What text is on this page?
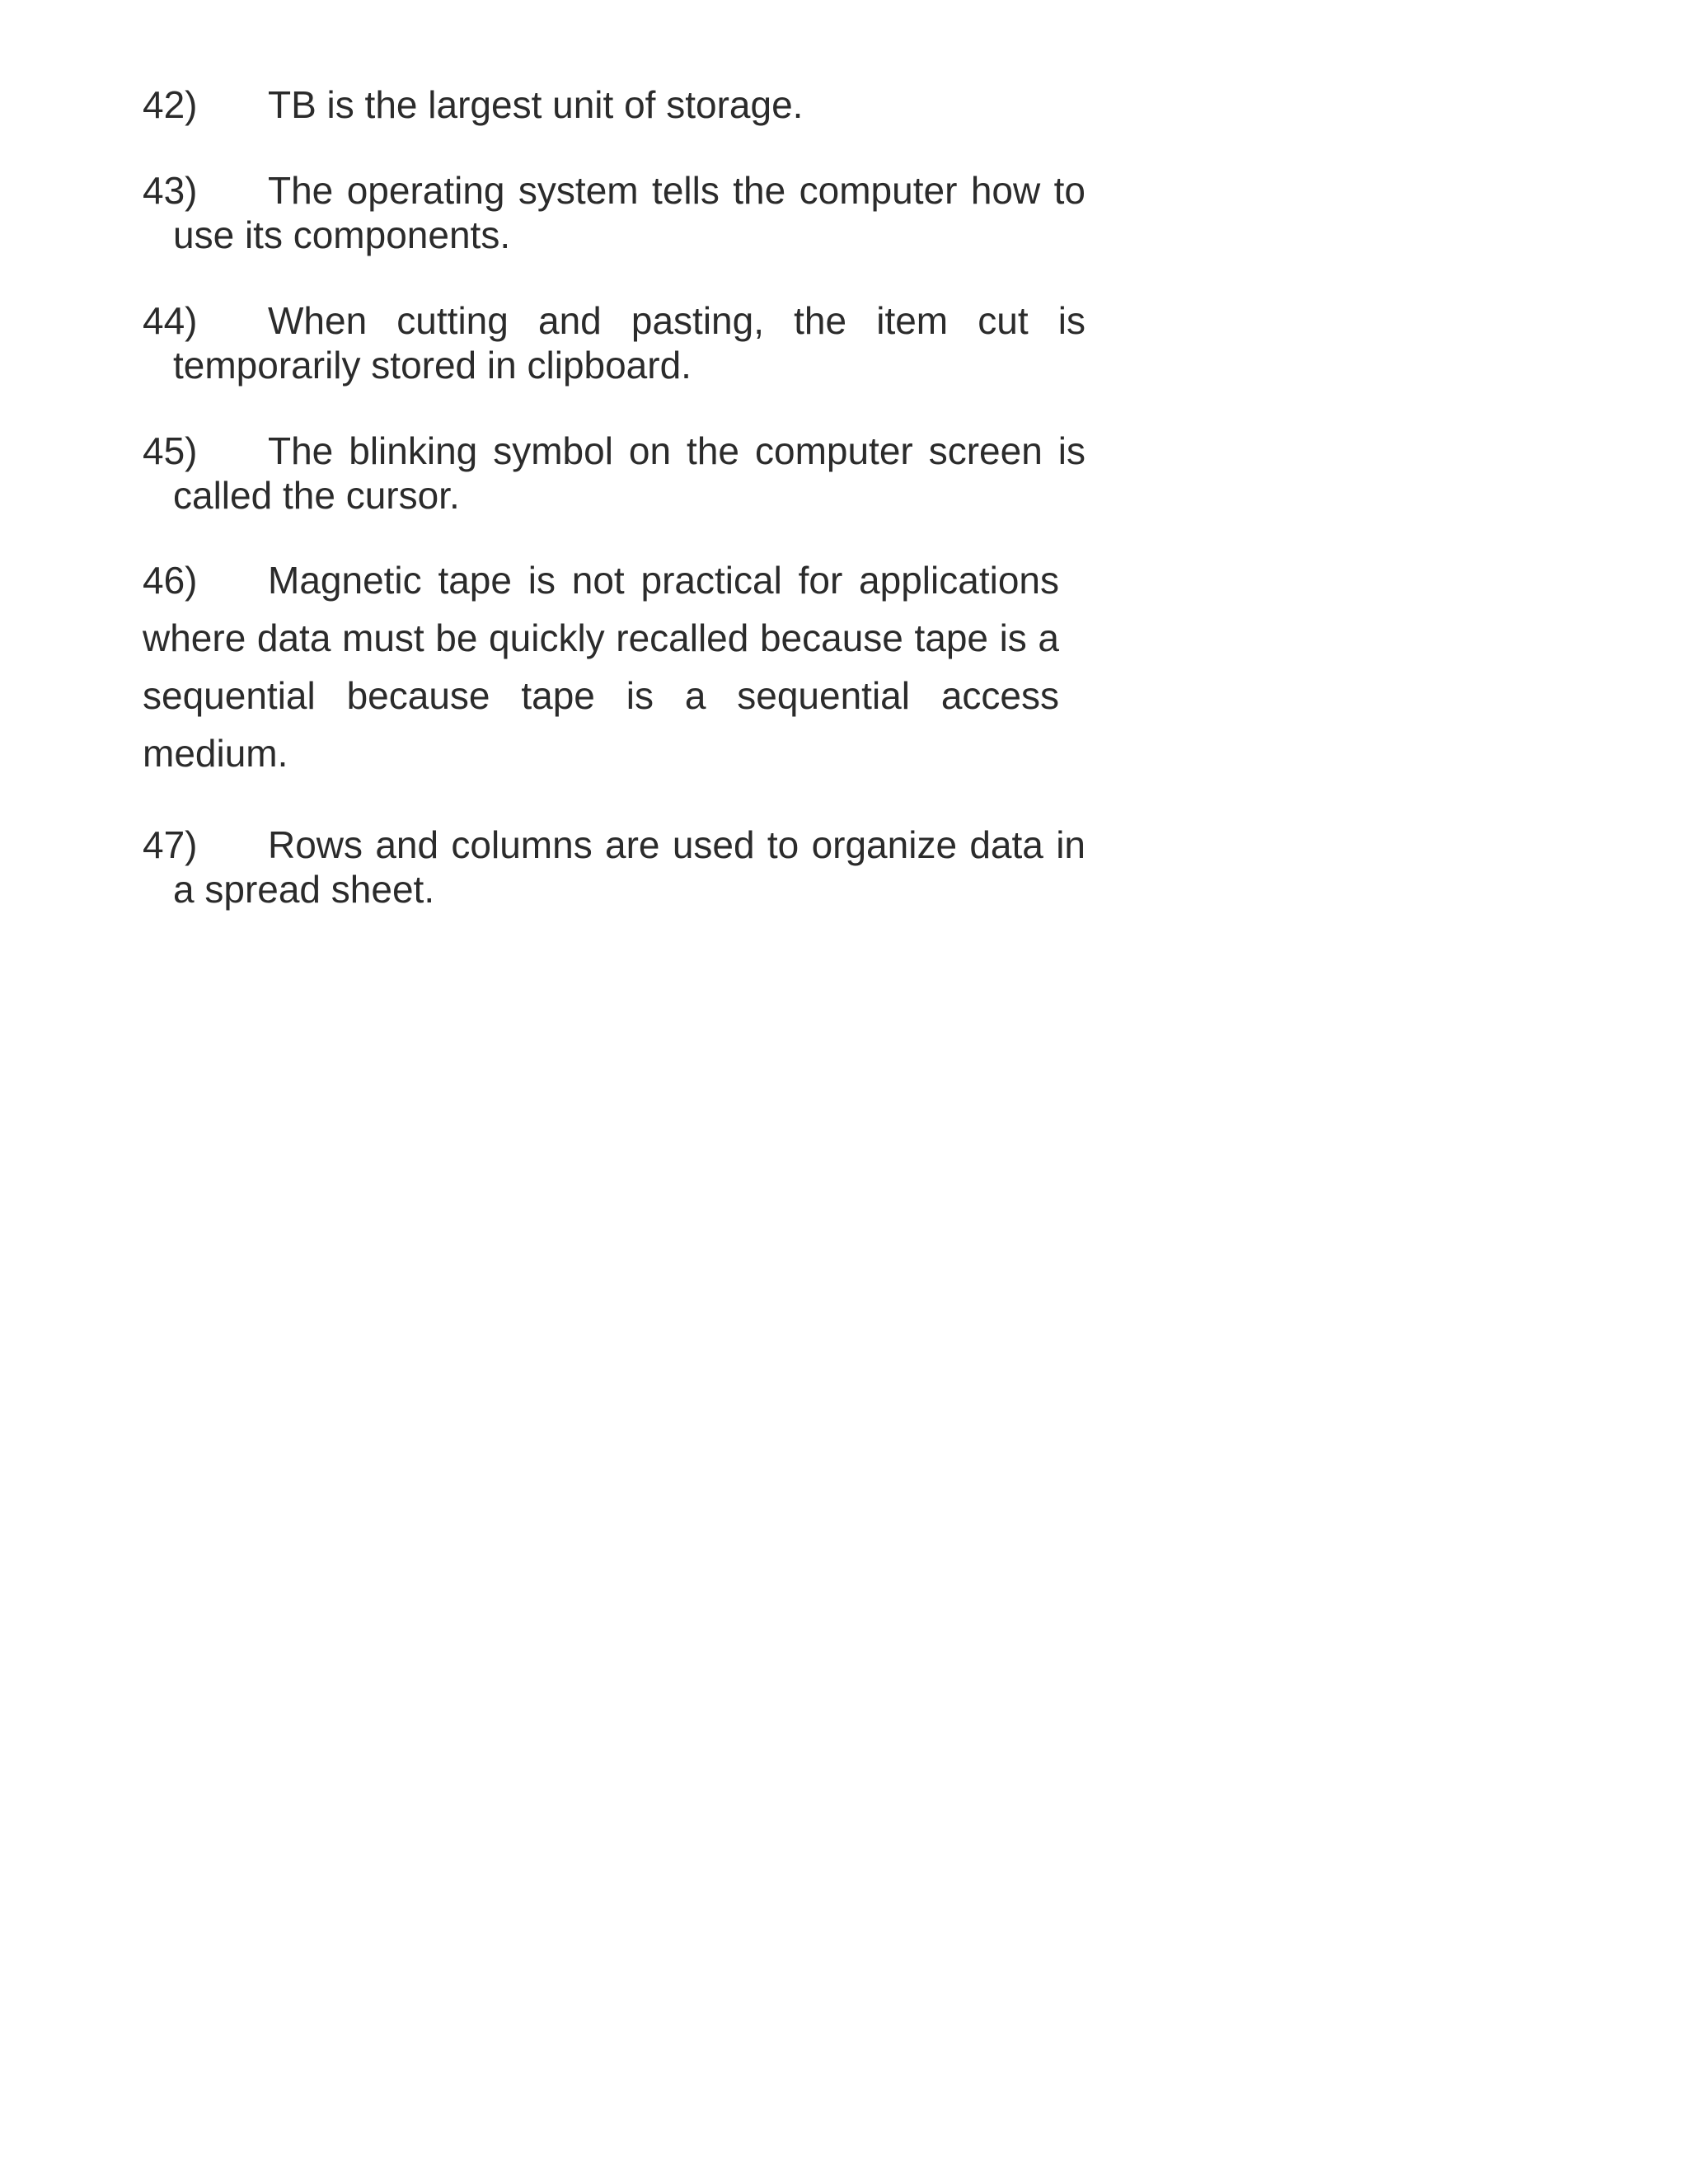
42) TB is the largest unit of storage.
43) The operating system tells the computer how to
use its components.
44) When cutting and pasting, the item cut is
temporarily stored in clipboard.
45) The blinking symbol on the computer screen is
called the cursor.
46) Magnetic tape is not practical for applications where data must be quickly recalled because tape is a sequential because tape is a sequential access medium.
47) Rows and columns are used to organize data in
a spread sheet.
